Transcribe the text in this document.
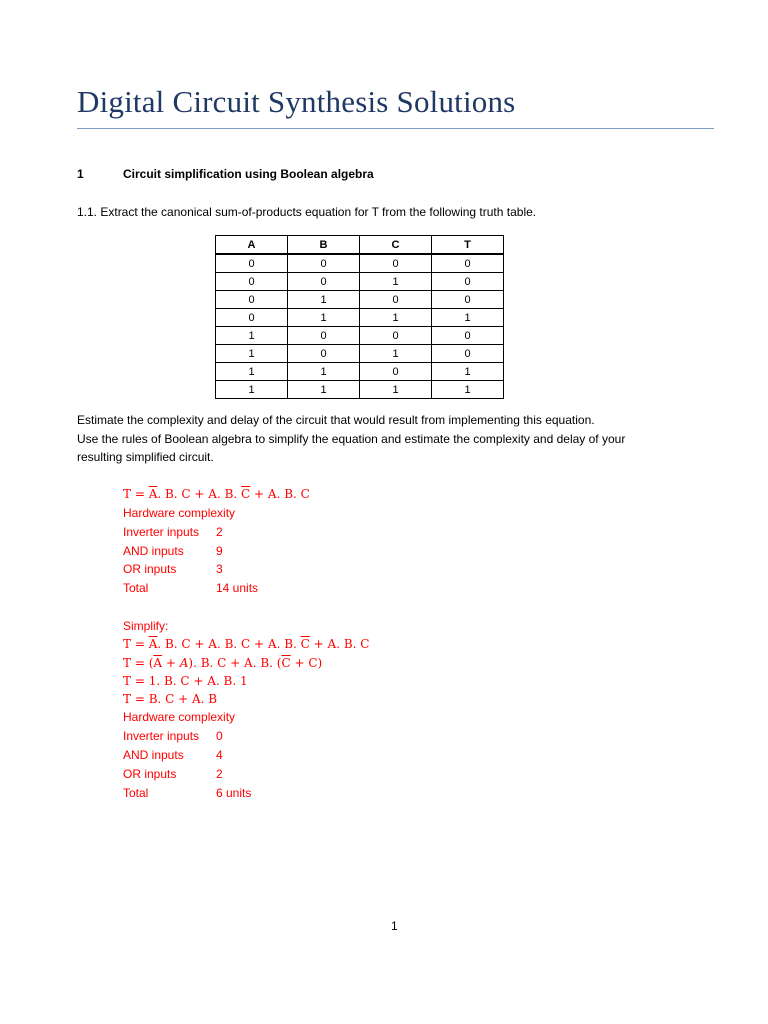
Digital Circuit Synthesis Solutions
1	Circuit simplification using Boolean algebra
1.1. Extract the canonical sum-of-products equation for T from the following truth table.
A	B	C	T
0	0	0	0
0	0	1	0
0	1	0	0
0	1	1	1
1	0	0	0
1	0	1	0
1	1	0	1
1	1	1	1
Estimate the complexity and delay of the circuit that would result from implementing this equation.
Use the rules of Boolean algebra to simplify the equation and estimate the complexity and delay of your
resulting simplified circuit.
$T = \overline{A}$. B. C + A. B. $\overline{C} + A$. B. C
Hardware complexity
Inverter inputs 2
AND inputs	9
OR inputs	3
Total	14 units
Simplify:
$T = \overline{A}$. B. C + A. B. C + A. B. $\overline{C} + A$. B. C
$T = (\overline{A} + A)$. B. C + A. B. $(\overline{C} + C)$
T = 1. B. C + A. B. 1
T = B. C + A. B
Hardware complexity
Inverter inputs 0
AND inputs	4
OR inputs	2
Total	6 units
1
